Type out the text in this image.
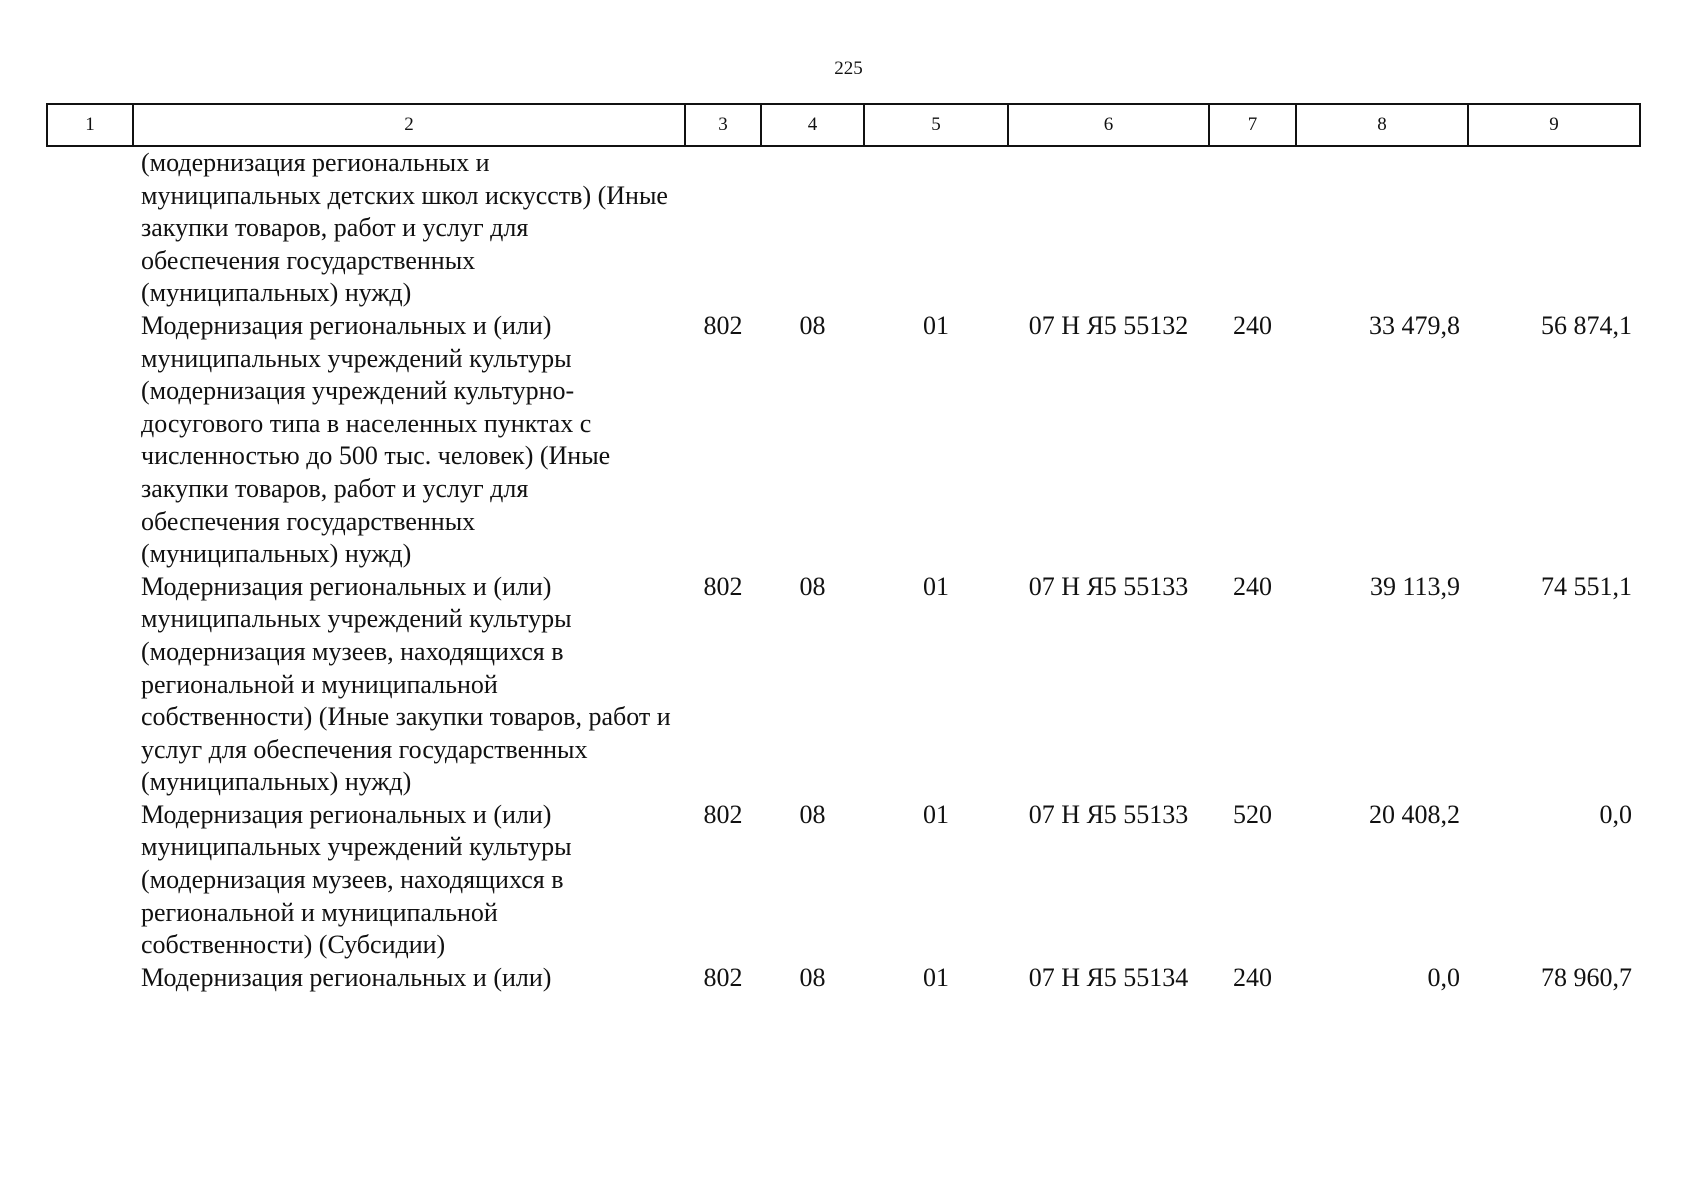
225
1	2	3	4	5	6	7	8	9
	(модернизация региональных и муниципальных детских школ искусств) (Иные закупки товаров, работ и услуг для обеспечения государственных (муниципальных) нужд)							
	Модернизация региональных и (или) муниципальных учреждений культуры (модернизация учреждений культурно-досугового типа в населенных пунктах с численностью до 500 тыс. человек) (Иные закупки товаров, работ и услуг для обеспечения государственных (муниципальных) нужд)	802	08	01	07 Н Я5 55132	240	33 479,8	56 874,1
	Модернизация региональных и (или) муниципальных учреждений культуры (модернизация музеев, находящихся в региональной и муниципальной собственности) (Иные закупки товаров, работ и услуг для обеспечения государственных (муниципальных) нужд)	802	08	01	07 Н Я5 55133	240	39 113,9	74 551,1
	Модернизация региональных и (или) муниципальных учреждений культуры (модернизация музеев, находящихся в региональной и муниципальной собственности) (Субсидии)	802	08	01	07 Н Я5 55133	520	20 408,2	0,0
	Модернизация региональных и (или)	802	08	01	07 Н Я5 55134	240	0,0	78 960,7
